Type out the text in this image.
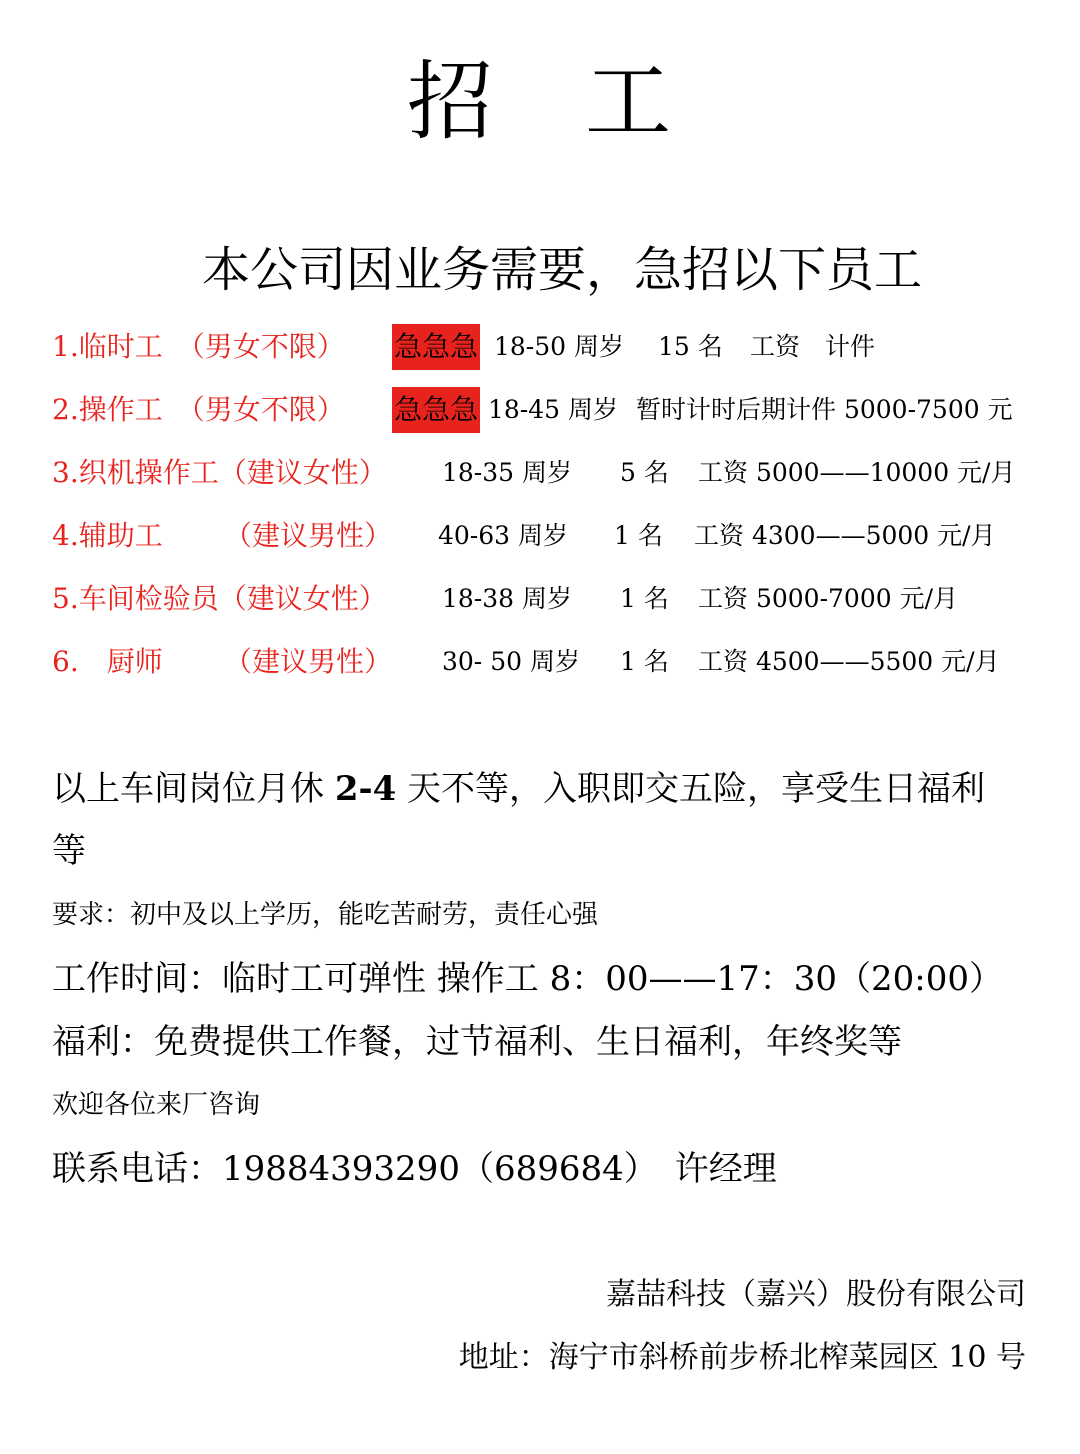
招 工
本公司因业务需要，急招以下员工
1.临时工　（男女不限） 急急急 18-50 周岁 15 名 工资　计件
2.操作工　（男女不限） 急急急 18-45 周岁 暂时计时后期计件 5000-7500 元
3.织机操作工（建议女性） 18-35 周岁 5 名 工资 5000——10000 元/月
4.辅助工 （建议男性） 40-63 周岁 1 名 工资 4300——5000 元/月
5.车间检验员（建议女性） 18-38 周岁 1 名 工资 5000-7000 元/月
6.　厨师 （建议男性） 30- 50 周岁 1 名 工资 4500——5500 元/月
以上车间岗位月休 2-4 天不等，入职即交五险，享受生日福利
等
要求：初中及以上学历，能吃苦耐劳，责任心强
工作时间：临时工可弹性 操作工 8：00——17：30（20:00）
福利：免费提供工作餐，过节福利、生日福利，年终奖等
欢迎各位来厂咨询
联系电话：19884393290（689684）　许经理
嘉喆科技（嘉兴）股份有限公司
地址：海宁市斜桥前步桥北榨菜园区 10 号
